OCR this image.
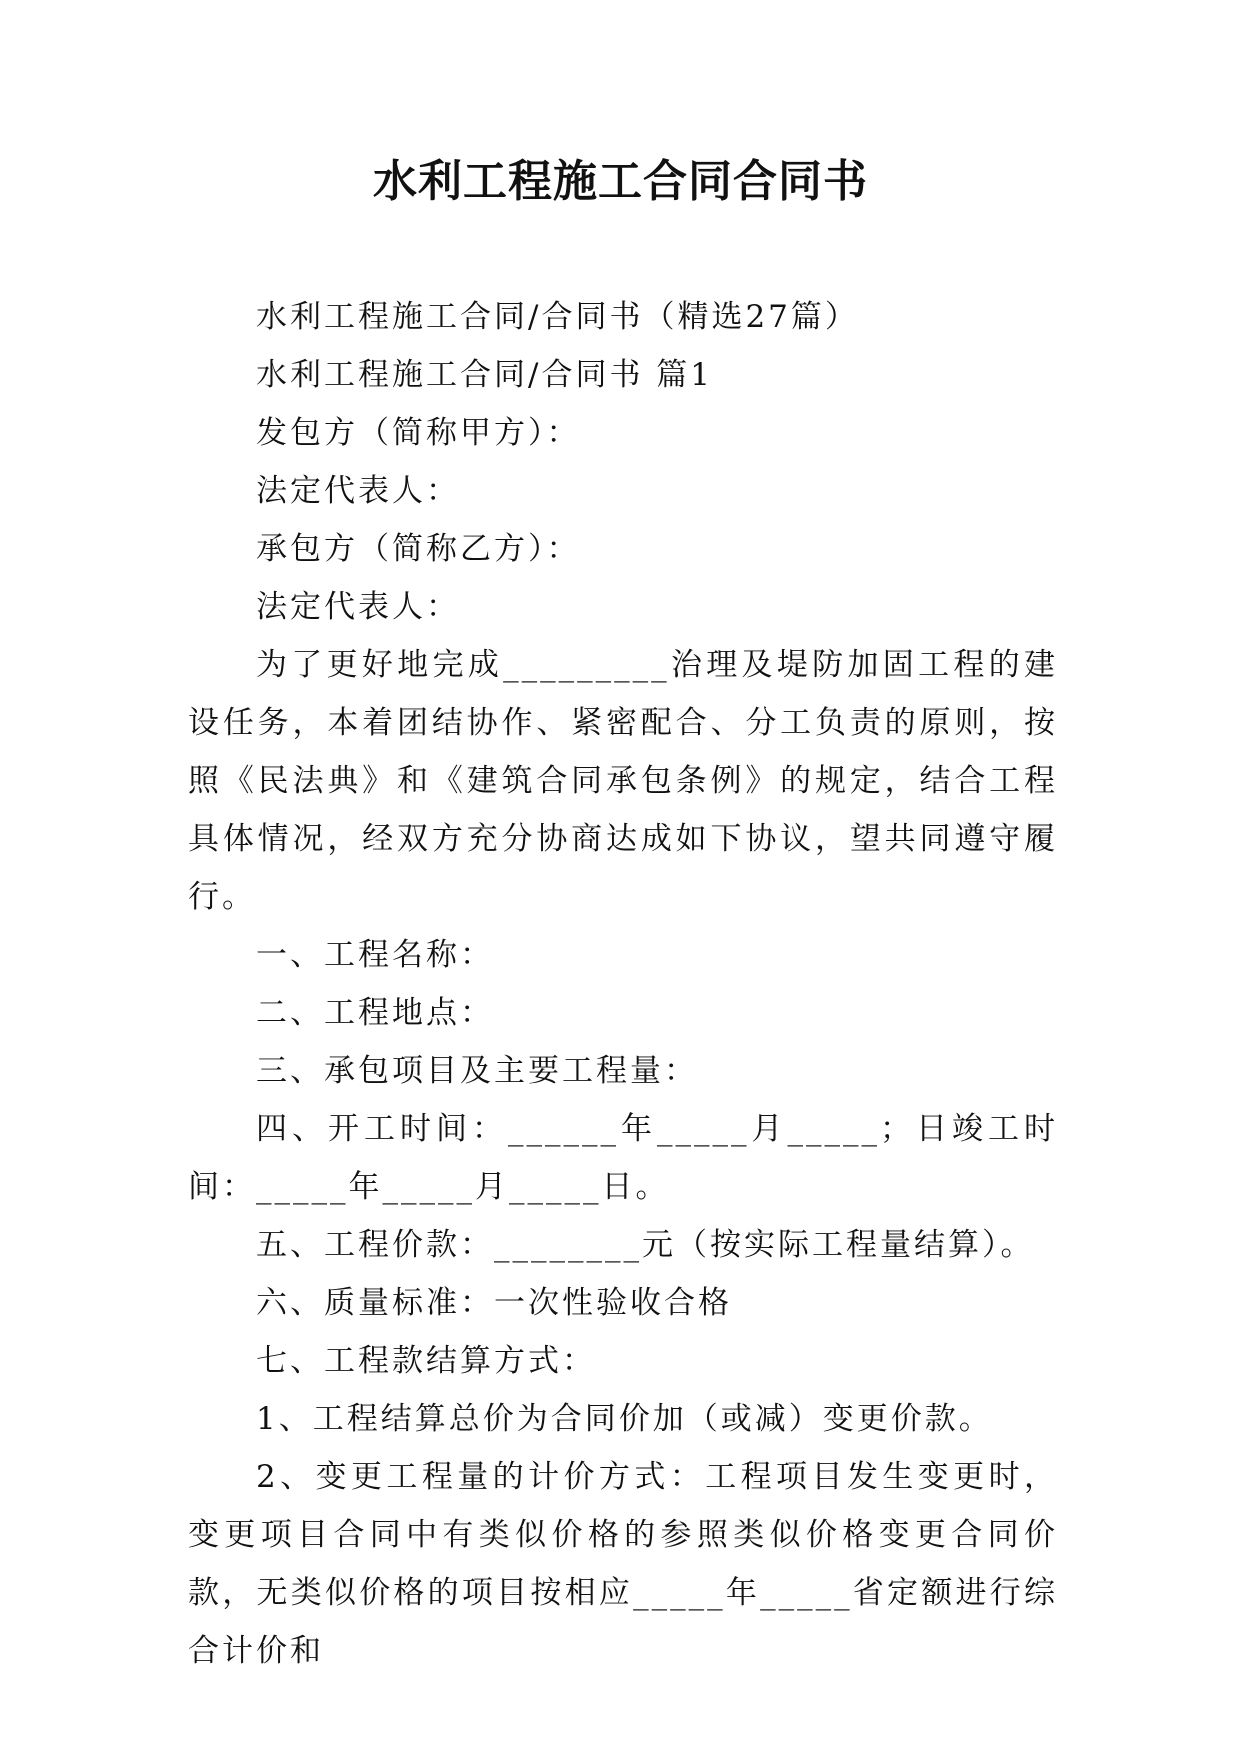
水利工程施工合同合同书

水利工程施工合同/合同书（精选27篇）

水利工程施工合同/合同书 篇1

发包方（简称甲方）：

法定代表人：

承包方（简称乙方）：

法定代表人：

为了更好地完成_________治理及堤防加固工程的建设任务，本着团结协作、紧密配合、分工负责的原则，按照《民法典》和《建筑合同承包条例》的规定，结合工程具体情况，经双方充分协商达成如下协议，望共同遵守履行。

一、工程名称：

二、工程地点：

三、承包项目及主要工程量：

四、开工时间：______年_____月_____；日竣工时间：_____年_____月_____日。

五、工程价款：________元（按实际工程量结算）。

六、质量标准：一次性验收合格

七、工程款结算方式：

1、工程结算总价为合同价加（或减）变更价款。

2、变更工程量的计价方式：工程项目发生变更时，变更项目合同中有类似价格的参照类似价格变更合同价款，无类似价格的项目按相应_____年_____省定额进行综合计价和
